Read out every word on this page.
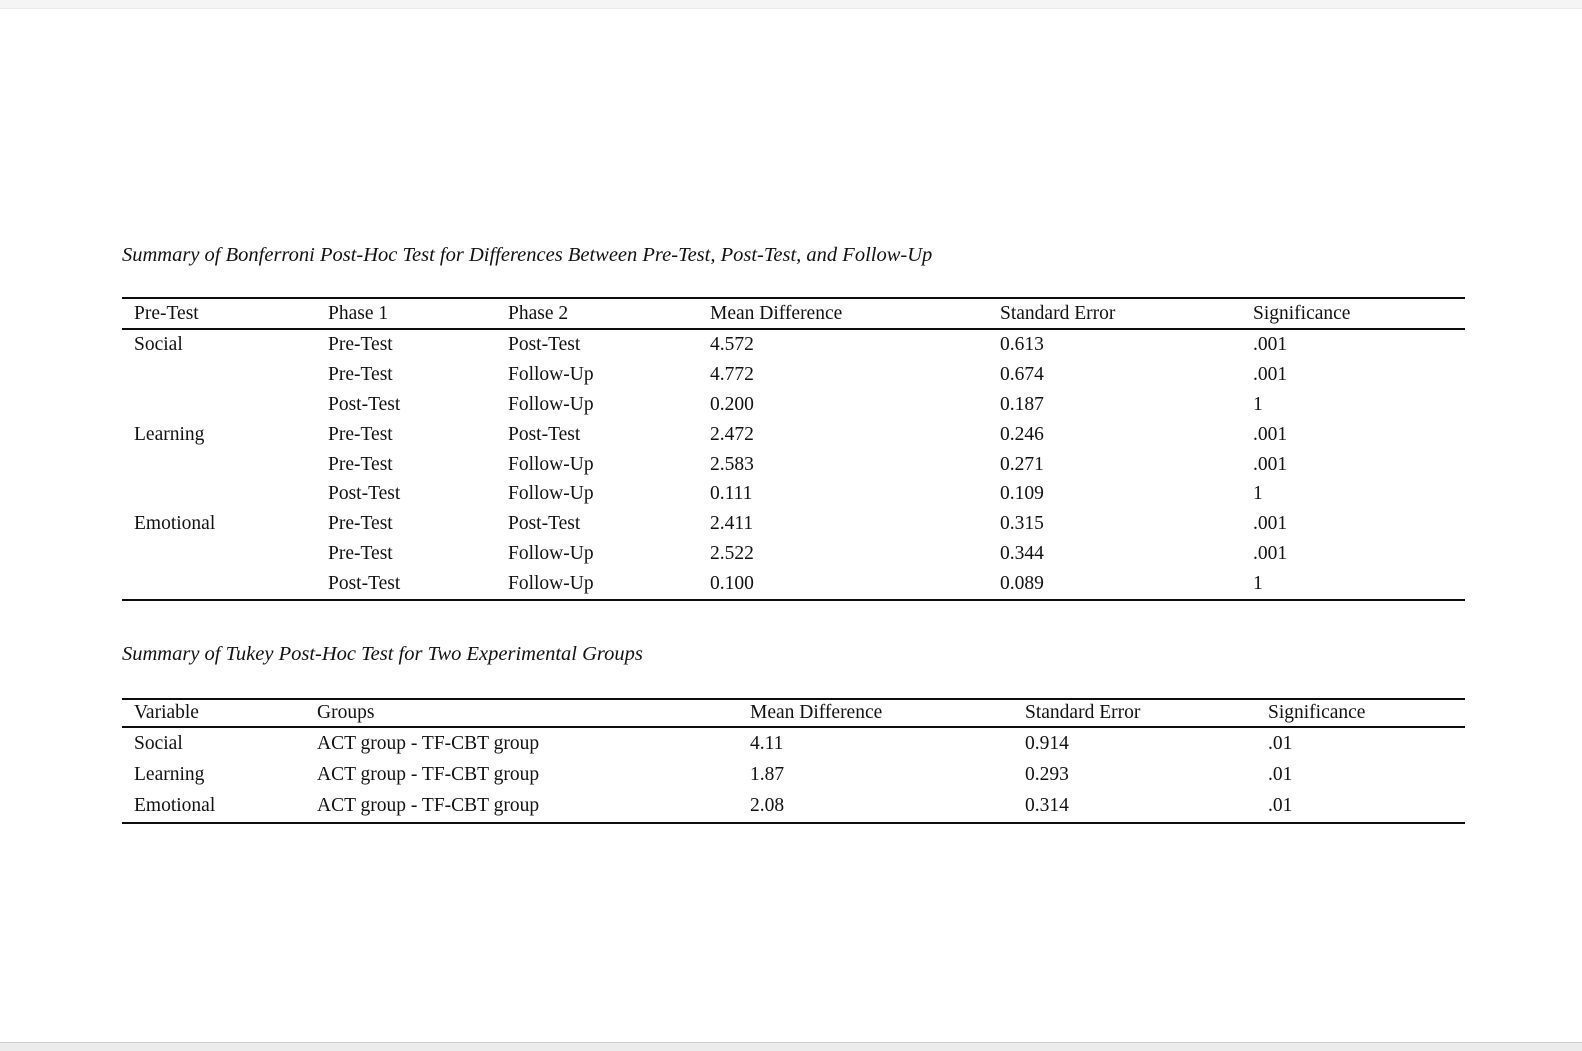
Summary of Bonferroni Post-Hoc Test for Differences Between Pre-Test, Post-Test, and Follow-Up
Pre-Test	Phase 1	Phase 2	Mean Difference	Standard Error	Significance
Social	Pre-Test	Post-Test	4.572	0.613	.001
	Pre-Test	Follow-Up	4.772	0.674	.001
	Post-Test	Follow-Up	0.200	0.187	1
Learning	Pre-Test	Post-Test	2.472	0.246	.001
	Pre-Test	Follow-Up	2.583	0.271	.001
	Post-Test	Follow-Up	0.111	0.109	1
Emotional	Pre-Test	Post-Test	2.411	0.315	.001
	Pre-Test	Follow-Up	2.522	0.344	.001
	Post-Test	Follow-Up	0.100	0.089	1
Summary of Tukey Post-Hoc Test for Two Experimental Groups
Variable	Groups	Mean Difference	Standard Error	Significance
Social	ACT group - TF-CBT group	4.11	0.914	.01
Learning	ACT group - TF-CBT group	1.87	0.293	.01
Emotional	ACT group - TF-CBT group	2.08	0.314	.01
